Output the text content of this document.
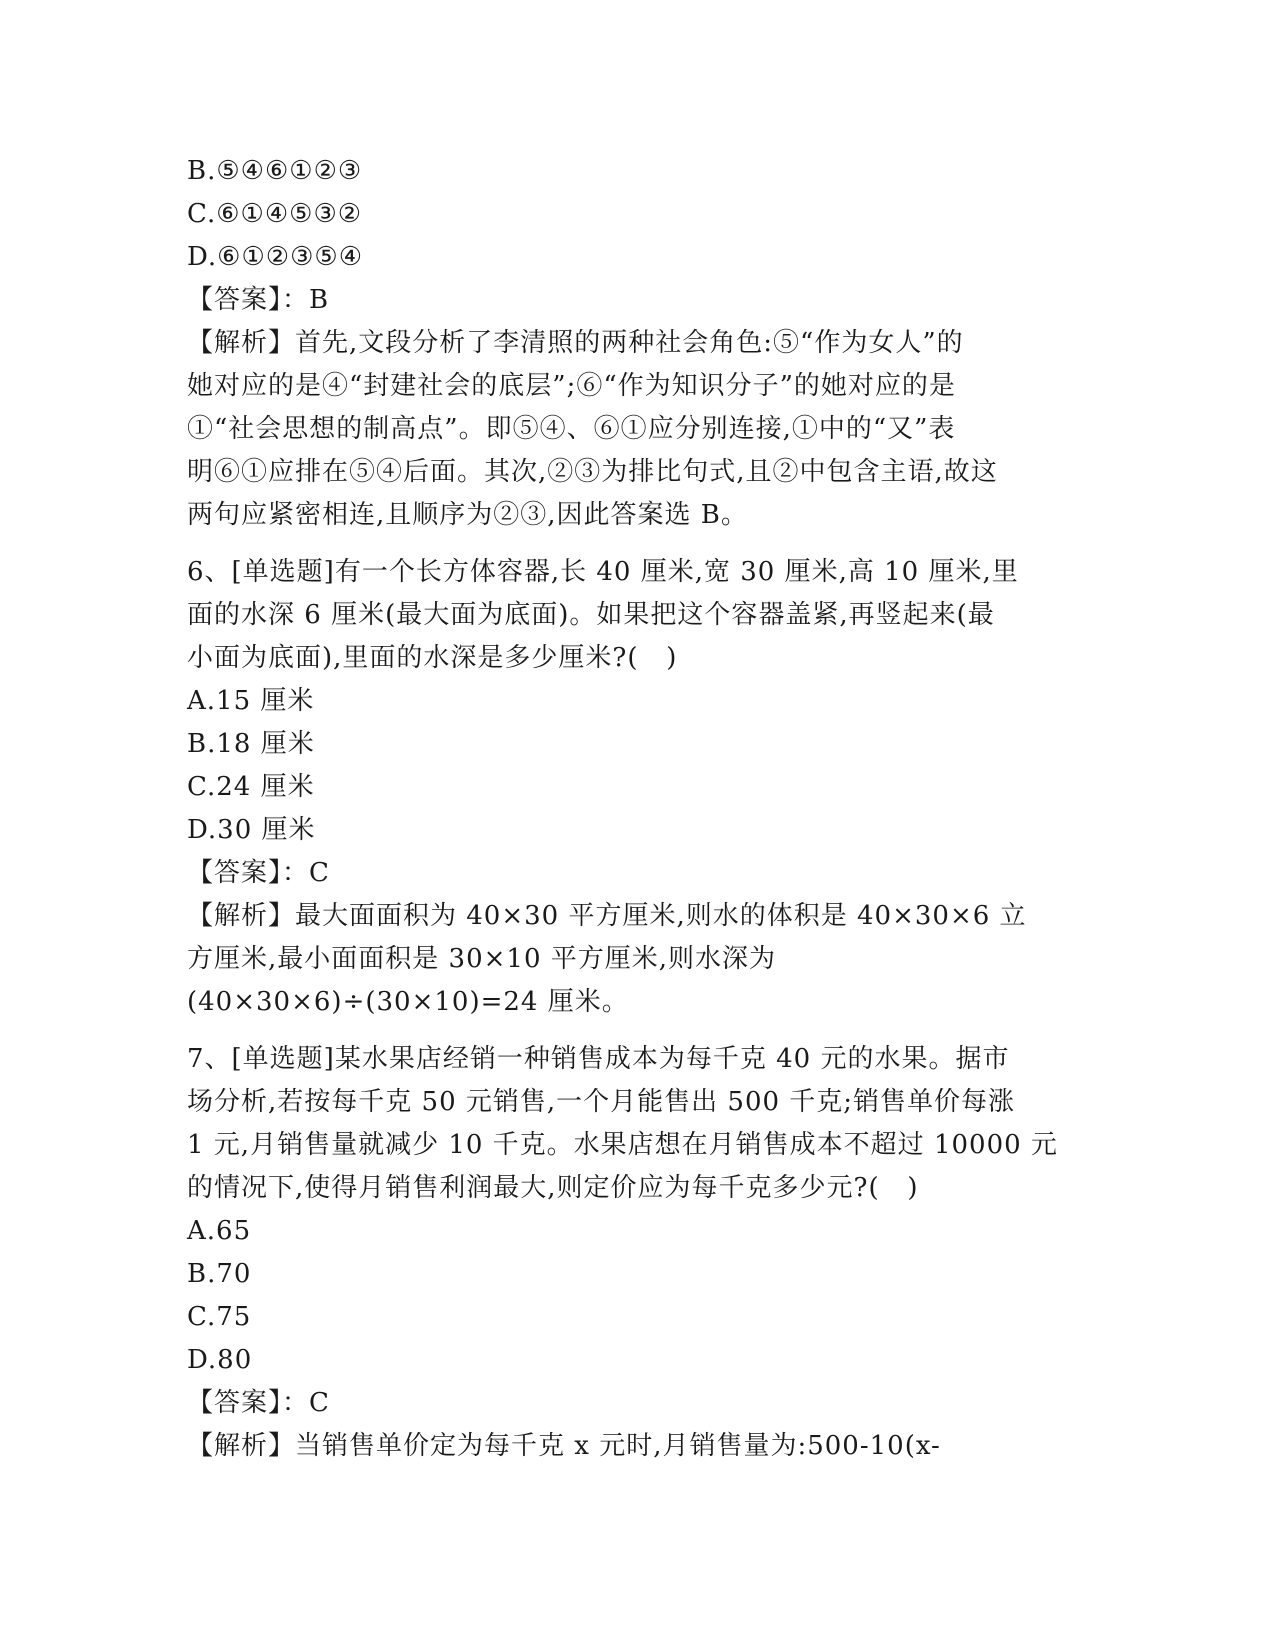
B.⑤④⑥①②③
C.⑥①④⑤③②
D.⑥①②③⑤④
【答案】：B
【解析】首先,文段分析了李清照的两种社会角色:⑤“作为女人”的
她对应的是④“封建社会的底层”;⑥“作为知识分子”的她对应的是
①“社会思想的制高点”。即⑤④、⑥①应分别连接,①中的“又”表
明⑥①应排在⑤④后面。其次,②③为排比句式,且②中包含主语,故这
两句应紧密相连,且顺序为②③,因此答案选 B。
6、[单选题]有一个长方体容器,长 40 厘米,宽 30 厘米,高 10 厘米,里
面的水深 6 厘米(最大面为底面)。如果把这个容器盖紧,再竖起来(最
小面为底面),里面的水深是多少厘米?(   )
A.15 厘米
B.18 厘米
C.24 厘米
D.30 厘米
【答案】：C
【解析】最大面面积为 40×30 平方厘米,则水的体积是 40×30×6 立
方厘米,最小面面积是 30×10 平方厘米,则水深为
(40×30×6)÷(30×10)=24 厘米。
7、[单选题]某水果店经销一种销售成本为每千克 40 元的水果。据市
场分析,若按每千克 50 元销售,一个月能售出 500 千克;销售单价每涨
1 元,月销售量就减少 10 千克。水果店想在月销售成本不超过 10000 元
的情况下,使得月销售利润最大,则定价应为每千克多少元?(   )
A.65
B.70
C.75
D.80
【答案】：C
【解析】当销售单价定为每千克 x 元时,月销售量为:500-10(x-
